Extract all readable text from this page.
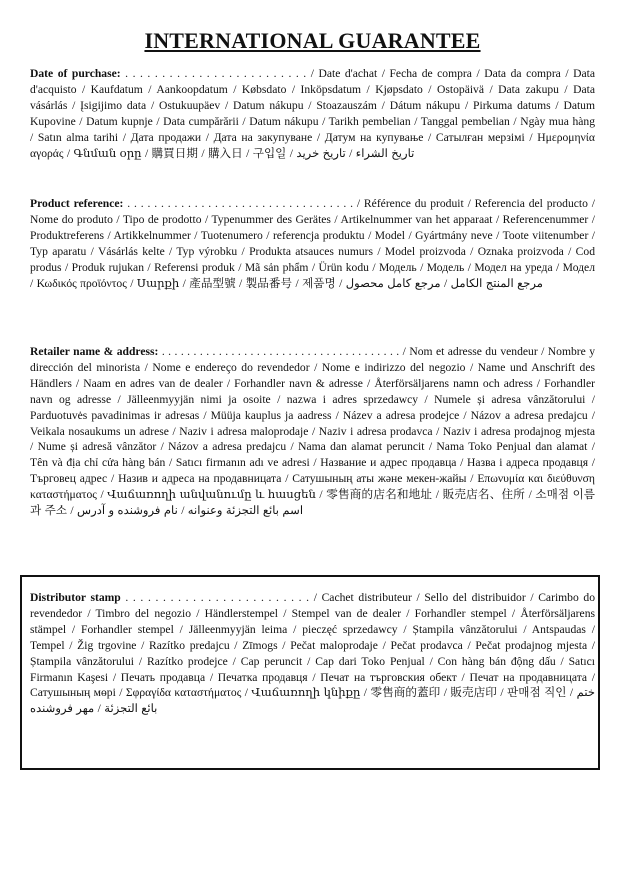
INTERNATIONAL GUARANTEE
Date of purchase: . . . . . . . . . . . . . . . . . . . . . . . . . / Date d'achat / Fecha de compra / Data da compra / Data d'acquisto / Kaufdatum / Aankoopdatum / Købsdato / Inköpsdatum / Kjøpsdato / Ostopäivä / Data zakupu / Data vásárlás / Įsigijimo data / Ostukuupäev / Datum nákupu / Stoazauszám / Dátum nákupu / Pirkuma datums / Datum Kupovine / Datum kupnje / Data cumpărării / Datum nákupu / Tarikh pembelian / Tanggal pembelian / Ngày mua hàng / Satın alma tarihi / Дата продажи / Дата на закупуване / Датум на купување / Сатылған мерзімі / Ημερομηνία αγοράς / Գնման օրը / 購買日期 / 購入日 / 구입일 / تاريخ الشراء / تاریخ خرید
Product reference: . . . . . . . . . . . . . . . . . . . . . . . . . . . . . . . . . . / Référence du produit / Referencia del producto / Nome do produto / Tipo de prodotto / Typenummer des Gerätes / Artikelnummer van het apparaat / Referencenummer / Produktreferens / Artikkelnummer / Tuotenumero / referencja produktu / Model / Gyártmány neve / Toote viitenumber / Typ aparatu / Vásárlás kelte / Typ výrobku / Produkta atsauces numurs / Model proizvoda / Oznaka proizvoda / Cod produs / Produk rujukan / Referensi produk / Mã sản phẩm / Ürün kodu / Модель / Модель / Модел на уреда / Модел / Κωδικός προϊόντος / Սարքի / 產品型號 / 製品番号 / 제품명 / مرجع المنتج الكامل / مرجع كامل محصول
Retailer name & address: . . . . . . . . . . . . . . . . . . . . . . . . . . . . . . . . . . . . . . / Nom et adresse du vendeur / Nombre y dirección del minorista / Nome e endereço do revendedor / Nome e indirizzo del negozio / Name und Anschrift des Händlers / Naam en adres van de dealer / Forhandler navn & adresse / Återförsäljarens namn och adress / Forhandler navn og adresse / Jälleenmyyjän nimi ja osoite / nazwa i adres sprzedawcy / Numele și adresa vânzătorului / Parduotuvės pavadinimas ir adresas / Müüja kauplus ja aadress / Název a adresa prodejce / Názov a adresa predajcu / Veikala nosaukums un adrese / Naziv i adresa maloprodaje / Naziv i adresa prodavca / Naziv i adresa prodajnog mjesta / Nume și adresă vânzător / Názov a adresa predajcu / Nama dan alamat peruncit / Nama Toko Penjual dan alamat / Tên và địa chỉ cửa hàng bán / Satıcı firmanın adı ve adresi / Название и адрес продавца / Назва і адреса продавця / Търговец адрес / Назив и адреса на продавницата / Сатушының аты және мекен-жайы / Επωνυμία και διεύθυνση καταστήματος / Վաճառողի անվանումը և հասցեն / 零售商的店名和地址 / 販売店名、住所 / 소매점 이름과 주소 / اسم بائع التجزئة وعنوانه / نام فروشنده و آدرس
Distributor stamp . . . . . . . . . . . . . . . . . . . . . . . . . / Cachet distributeur / Sello del distribuidor / Carimbo do revendedor / Timbro del negozio / Händlerstempel / Stempel van de dealer / Forhandler stempel / Återförsäljarens stämpel / Forhandler stempel / Jälleenmyyjän leima / pieczęć sprzedawcy / Ștampila vânzătorului / Antspaudas / Tempel / Žig trgovine / Razítko predajcu / Zīmogs / Pečat maloprodaje / Pečat prodavca / Pečat prodajnog mjesta / Ștampila vânzătorului / Razítko prodejce / Cap peruncit / Cap dari Toko Penjual / Con hàng bán động dấu / Satıcı Firmanın Kaşesi / Печать продавца / Печатка продавця / Печат на търговския обект / Печат на продавницата / Сатушының мөрі / Σφραγίδα καταστήματος / Վաճառողի կնիքը / 零售商的蓋印 / 販売店印 / 판매점 직인 / ختم بائع التجزئة / مهر فروشنده
